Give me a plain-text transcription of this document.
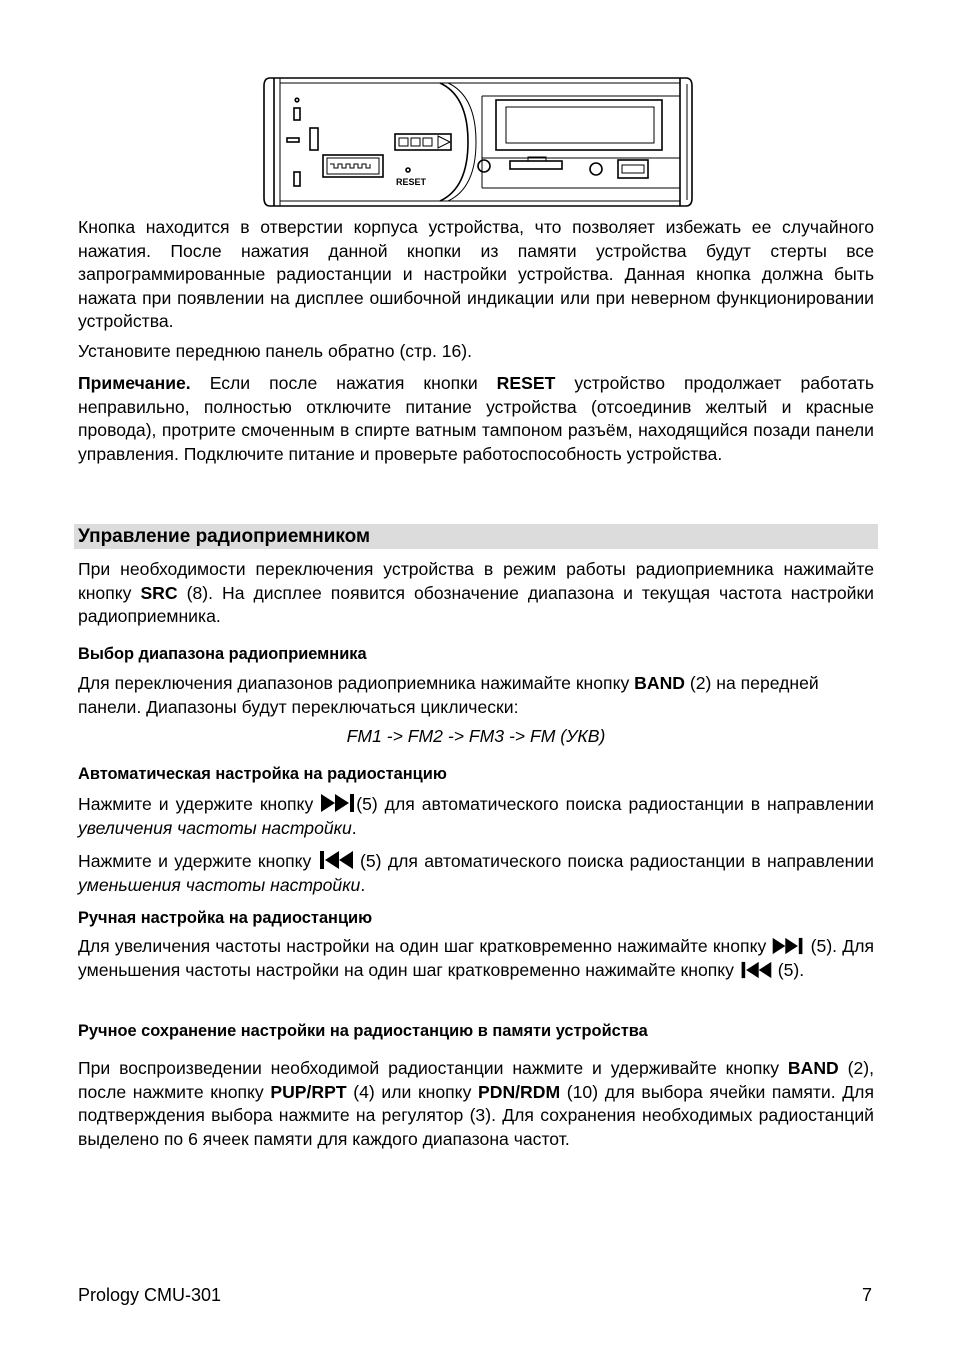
RESET

Кнопка находится в отверстии корпуса устройства, что позволяет избежать ее случайного нажатия. После нажатия данной кнопки из памяти устройства будут стерты все запрограммированные радиостанции и настройки устройства. Данная кнопка должна быть нажата при появлении на дисплее ошибочной индикации или при неверном функционировании устройства.

Установите переднюю панель обратно (стр. 16).

Примечание. Если после нажатия кнопки RESET устройство продолжает работать неправильно, полностью отключите питание устройства (отсоединив желтый и красные провода), протрите смоченным в спирте ватным тампоном разъём, находящийся позади панели управления. Подключите питание и проверьте работоспособность устройства.

Управление радиоприемником

При необходимости переключения устройства в режим работы радиоприемника нажимайте кнопку SRC (8). На дисплее появится обозначение диапазона и текущая частота настройки радиоприемника.

Выбор диапазона радиоприемника

Для переключения диапазонов радиоприемника нажимайте кнопку BAND (2) на передней панели. Диапазоны будут переключаться циклически:

FM1 -> FM2 -> FM3 -> FM (УКВ)

Автоматическая настройка на радиостанцию

Нажмите и удержите кнопку (5) для автоматического поиска радиостанции в направлении увеличения частоты настройки.

Нажмите и удержите кнопку  (5) для автоматического поиска радиостанции в направлении уменьшения частоты настройки.

Ручная настройка на радиостанцию

Для увеличения частоты настройки на один шаг кратковременно нажимайте кнопку  (5). Для уменьшения частоты настройки на один шаг кратковременно нажимайте кнопку  (5).

Ручное сохранение настройки на радиостанцию в памяти устройства

При воспроизведении необходимой радиостанции нажмите и удерживайте кнопку BAND (2), после нажмите кнопку PUP/RPT (4) или кнопку PDN/RDM (10) для выбора ячейки памяти. Для подтверждения выбора нажмите на регулятор (3). Для сохранения необходимых радиостанций выделено по 6 ячеек памяти для каждого диапазона частот.

Prology CMU-301	7
